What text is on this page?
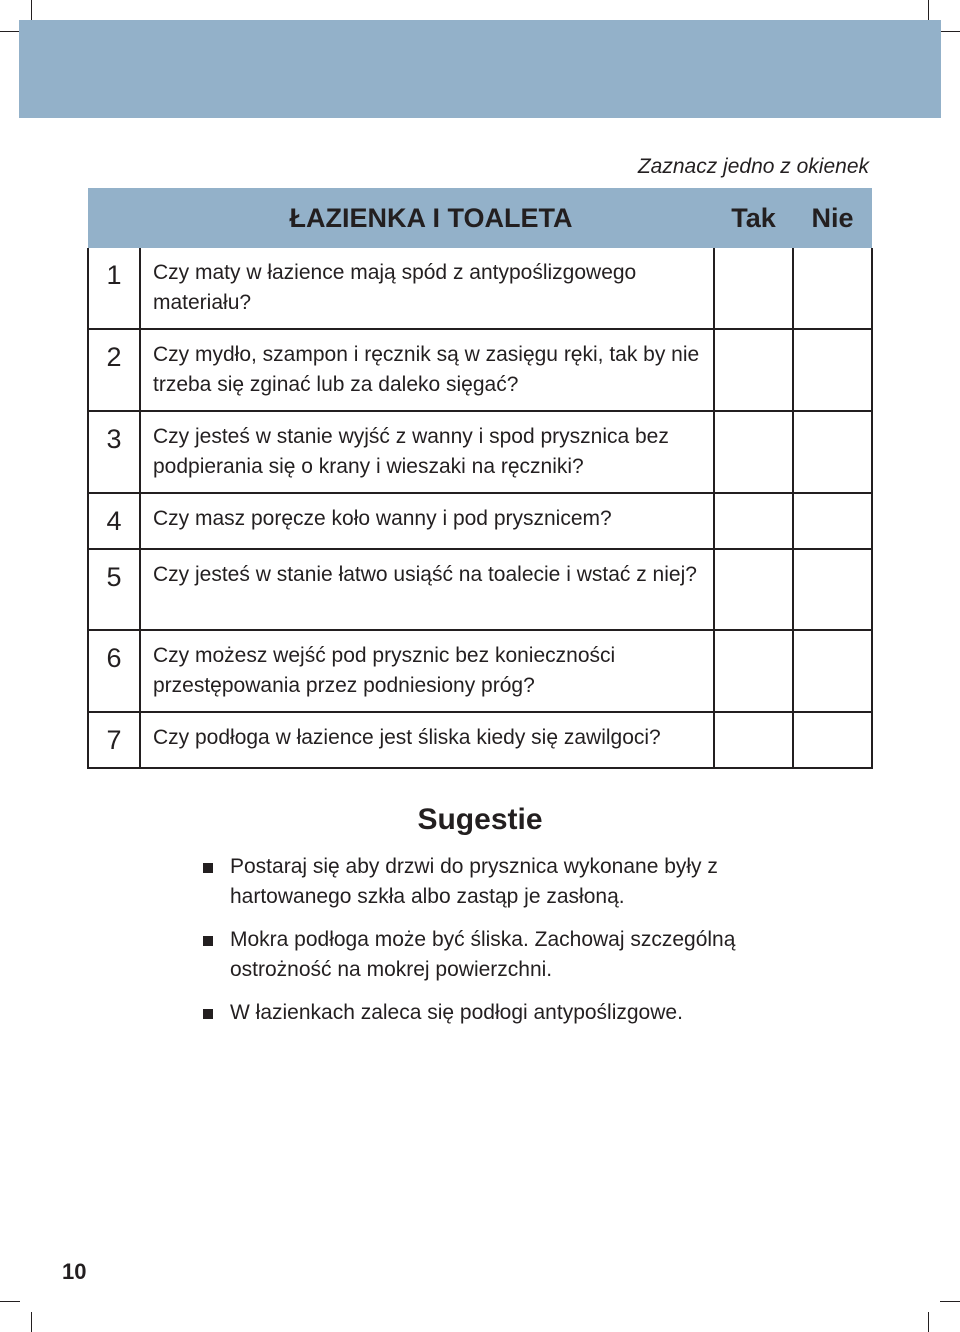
Zaznacz jedno z okienek
ŁAZIENKA I TOALETA		Tak	Nie
1	Czy maty w łazience mają spód z antypoślizgowego materiału?		
2	Czy mydło, szampon i ręcznik są w zasięgu ręki, tak by nie trzeba się zginać lub za daleko sięgać?		
3	Czy jesteś w stanie wyjść z wanny i spod prysznica bez podpierania się o krany i wieszaki na ręczniki?		
4	Czy masz poręcze koło wanny i pod prysznicem?		
5	Czy jesteś w stanie łatwo usiąść na toalecie i wstać z niej?		
6	Czy możesz wejść pod prysznic bez konieczności przestępowania przez podniesiony próg?		
7	Czy podłoga w łazience jest śliska kiedy się zawilgoci?		
Sugestie
Postaraj się aby drzwi do prysznica wykonane były z hartowanego szkła albo zastąp je zasłoną.
Mokra podłoga może być śliska. Zachowaj szczególną ostrożność na mokrej powierzchni.
W łazienkach zaleca się podłogi antypoślizgowe.
10
